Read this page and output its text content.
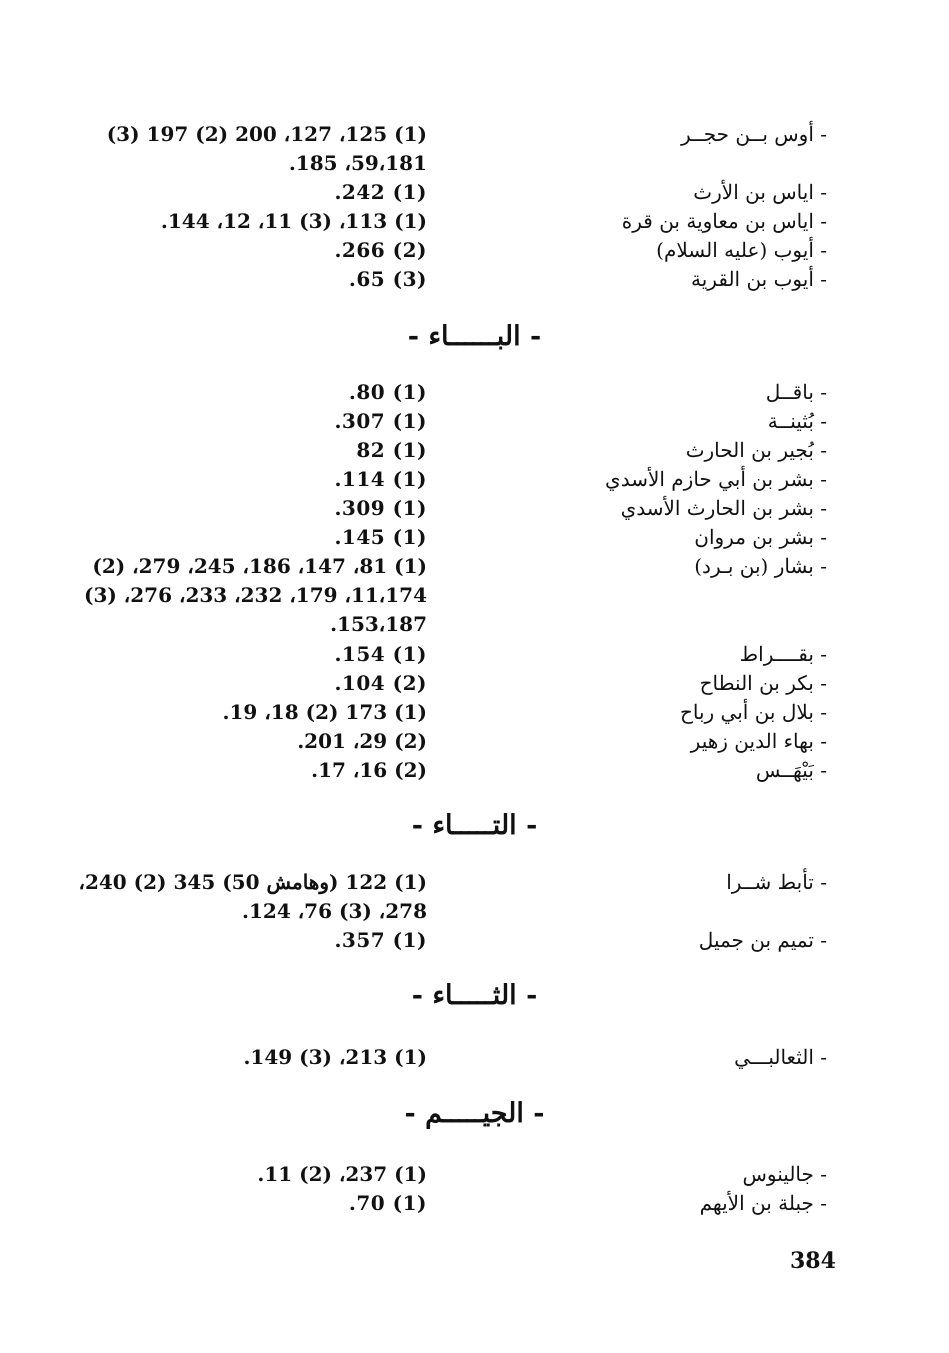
- أوس بــن حجــر
(1) 125، 127، 200 (2) 197 (3)
59،181، 185.
- اياس بن الأرث
(1) 242.
- اياس بن معاوية بن قرة
(1) 113، (3) 11، 12، 144.
- أيوب (عليه السلام)
(2) 266.
- أيوب بن القرية
(3) 65.
- البــــــاء -
- باقــل
(1) 80.
- بُثينــة
(1) 307.
- بُجير بن الحارث
(1) 82
- بشر بن أبي حازم الأسدي
(1) 114.
- بشر بن الحارث الأسدي
(1) 309.
- بشر بن مروان
(1) 145.
- بشار (بن بـرد)
(1) 81، 147، 186، 245، 279، (2)
11،174، 179، 232، 233، 276، (3)
153،187.
- بقــــراط
(1) 154.
- بكر بن النطاح
(2) 104.
- بلال بن أبي رباح
(1) 173 (2) 18، 19.
- بهاء الدين زهير
(2) 29، 201.
- بَيْهَــس
(2) 16، 17.
- التـــــاء -
- تأبط شــرا
(1) 122 (وهامش 50) 345 (2) 240،
278، (3) 76، 124.
- تميم بن جميل
(1) 357.
- الثـــــاء -
- الثعالبـــي
(1) 213، (3) 149.
- الجيـــــم -
- جالينوس
(1) 237، (2) 11.
- جبلة بن الأيهم
(1) 70.
384
